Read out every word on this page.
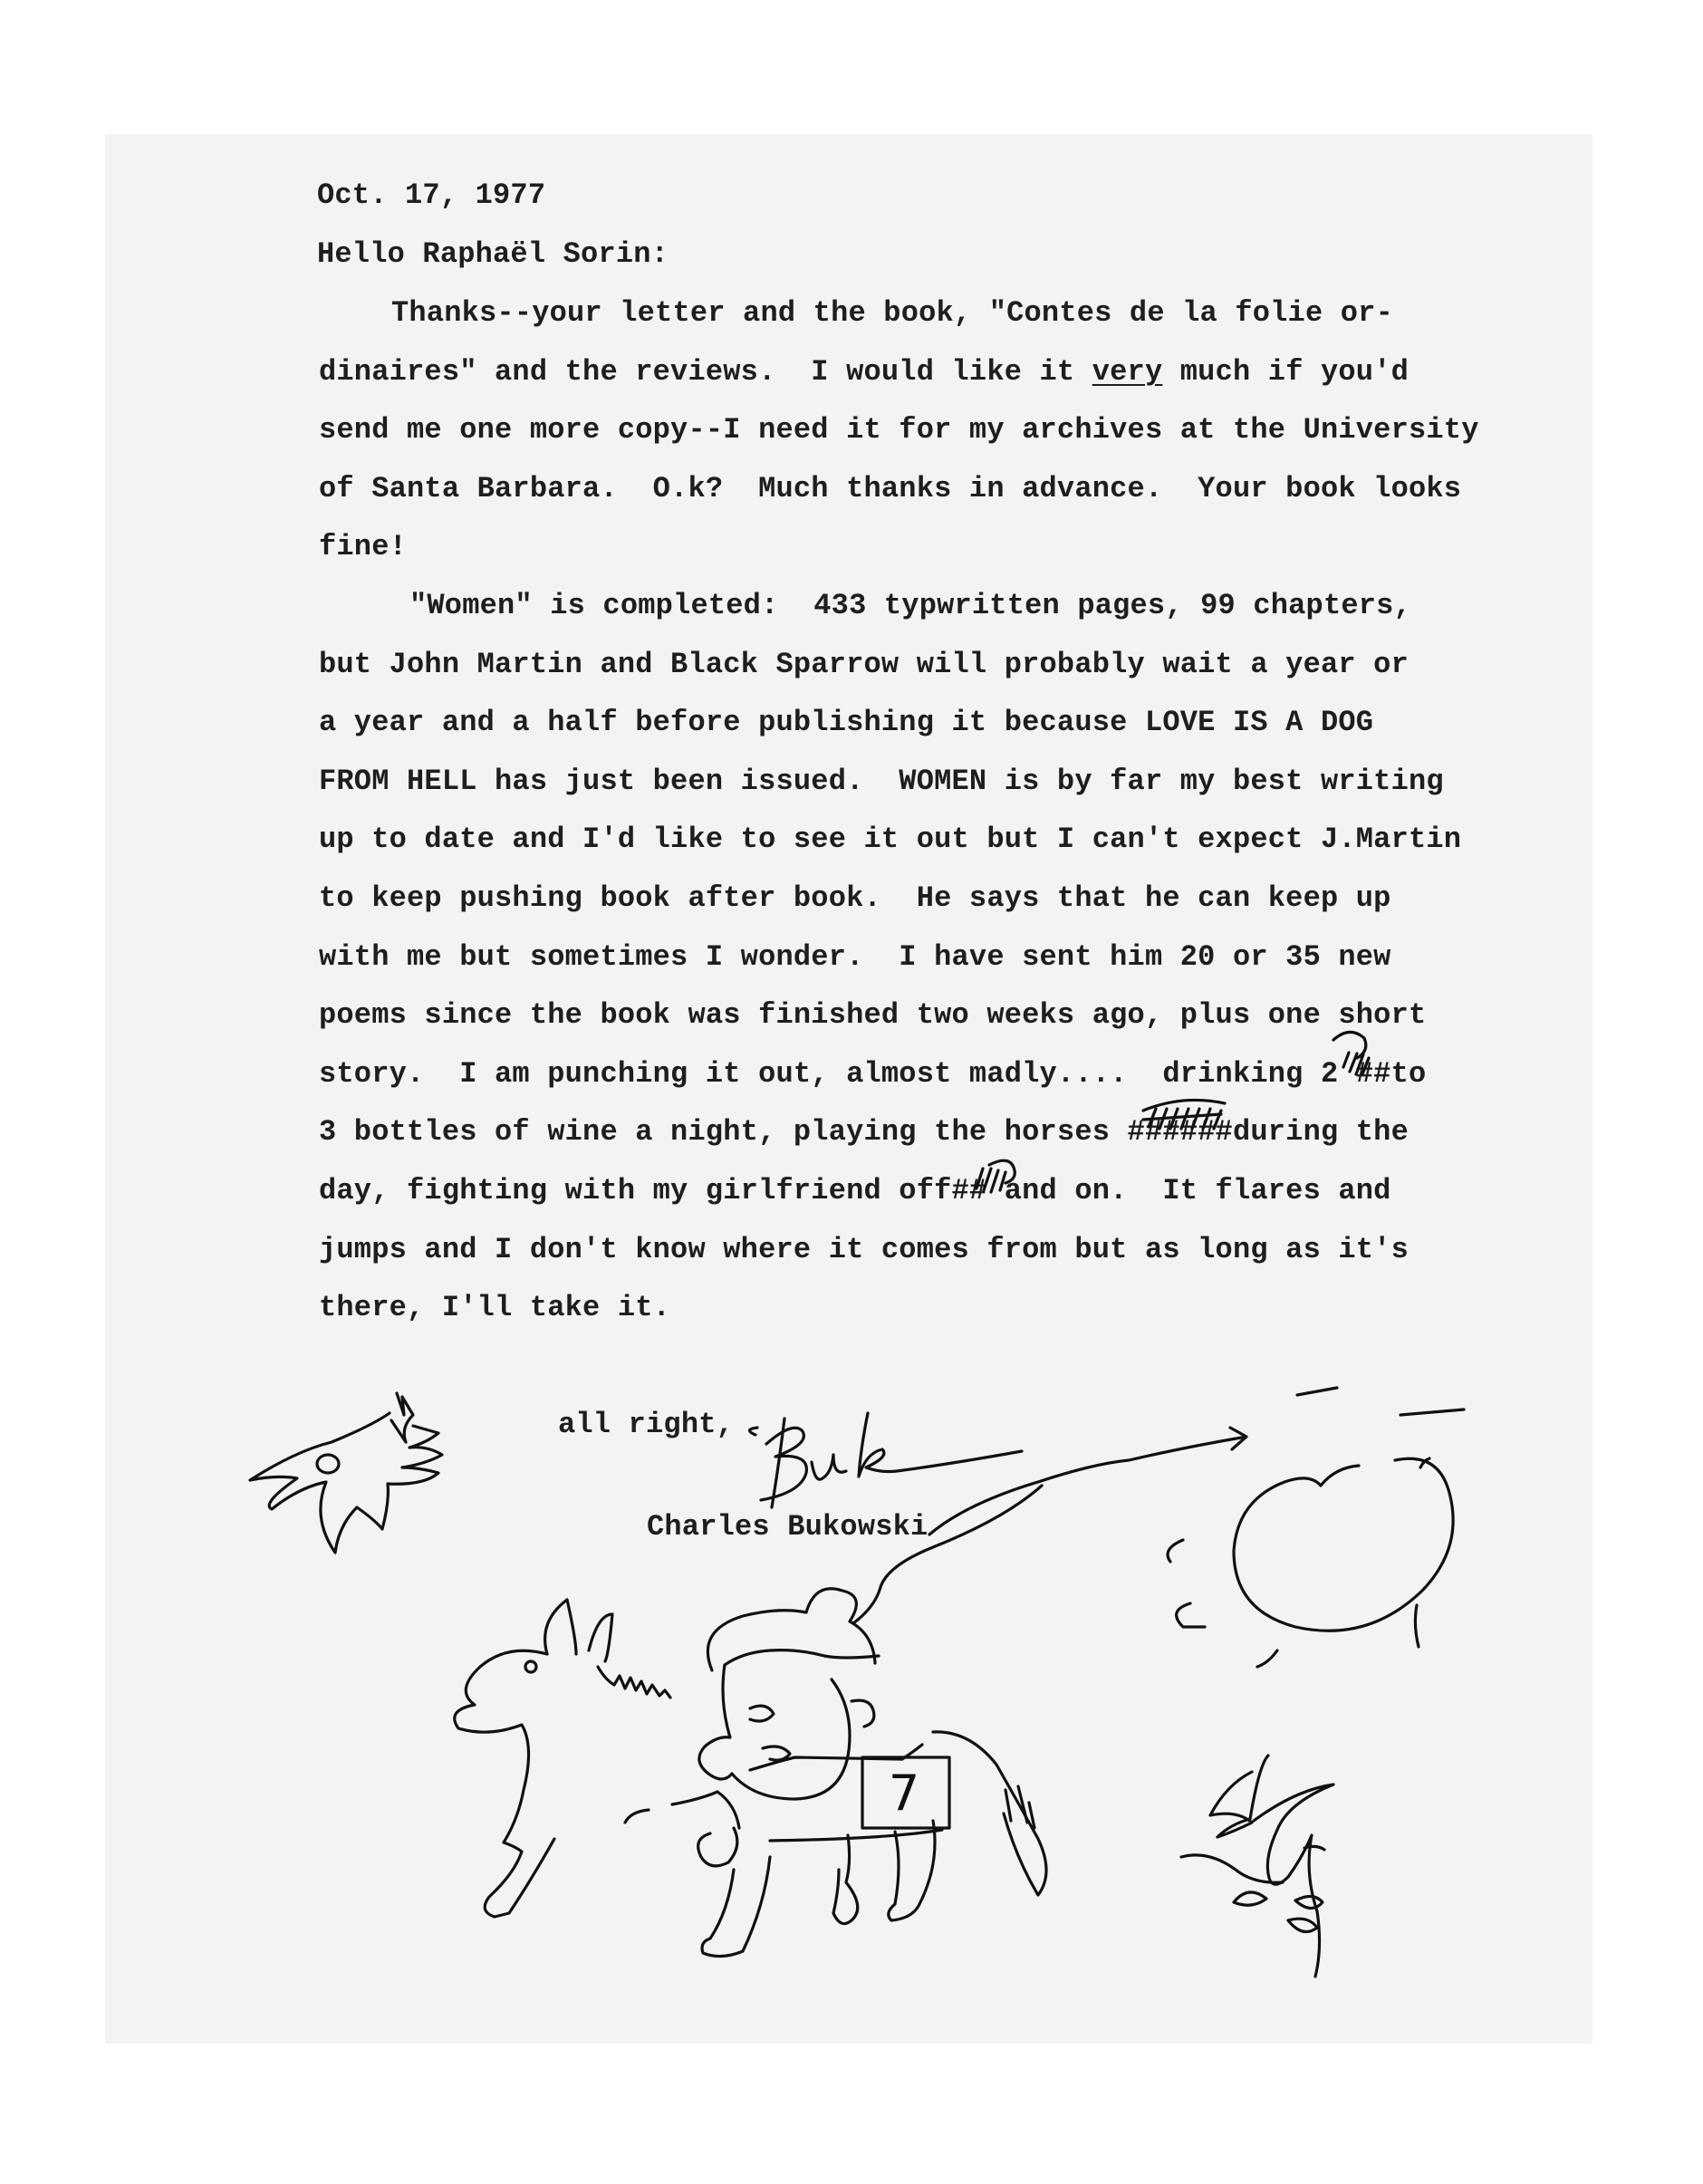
Oct. 17, 1977
Hello Raphaël Sorin:
Thanks--your letter and the book, "Contes de la folie or-
dinaires" and the reviews.  I would like it very much if you'd
send me one more copy--I need it for my archives at the University
of Santa Barbara.  O.k?  Much thanks in advance.  Your book looks
fine!
"Women" is completed:  433 typwritten pages, 99 chapters,
but John Martin and Black Sparrow will probably wait a year or
a year and a half before publishing it because LOVE IS A DOG
FROM HELL has just been issued.  WOMEN is by far my best writing
up to date and I'd like to see it out but I can't expect J.Martin
to keep pushing book after book.  He says that he can keep up
with me but sometimes I wonder.  I have sent him 20 or 35 new
poems since the book was finished two weeks ago, plus one short
story.  I am punching it out, almost madly....  drinking 2 ##to
3 bottles of wine a night, playing the horses ######during the
day, fighting with my girlfriend off## and on.  It flares and
jumps and I don't know where it comes from but as long as it's
there, I'll take it.
all right,
Charles Bukowski
7
